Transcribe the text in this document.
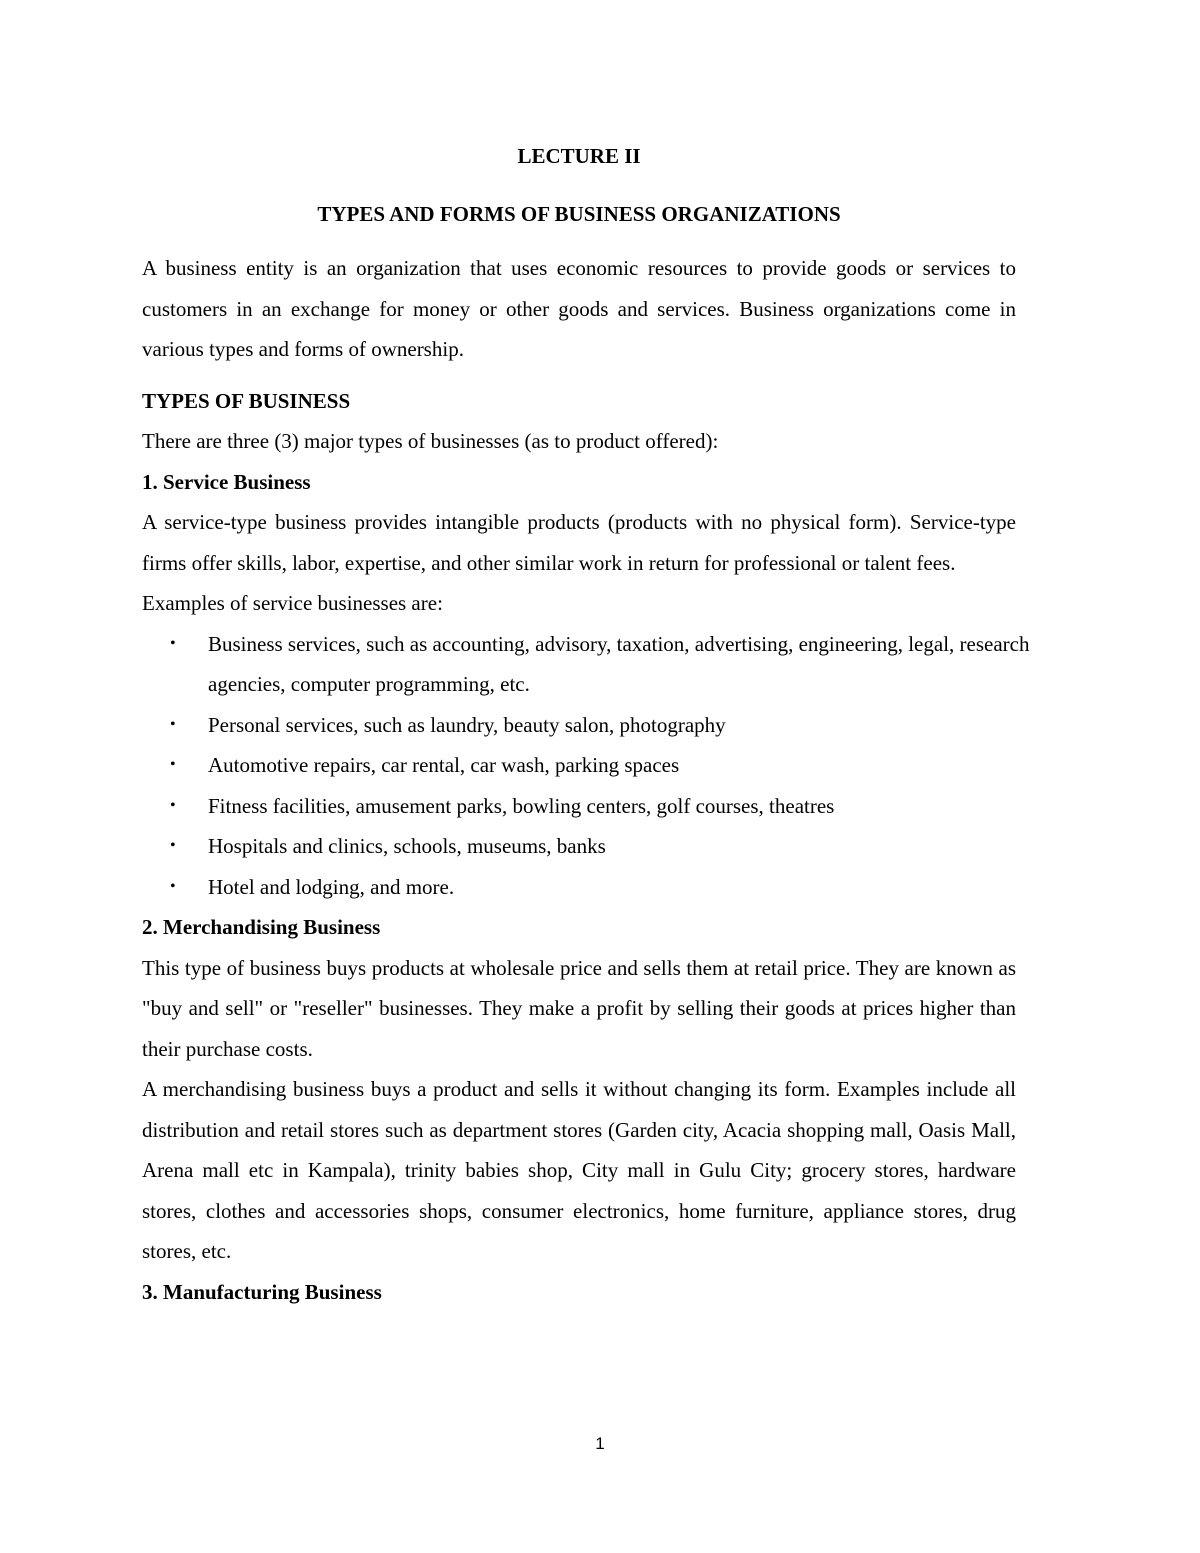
LECTURE II

TYPES AND FORMS OF BUSINESS ORGANIZATIONS

A business entity is an organization that uses economic resources to provide goods or services to customers in an exchange for money or other goods and services. Business organizations come in various types and forms of ownership.

TYPES OF BUSINESS

There are three (3) major types of businesses (as to product offered):

1. Service Business

A service-type business provides intangible products (products with no physical form). Service-type firms offer skills, labor, expertise, and other similar work in return for professional or talent fees.

Examples of service businesses are:

• Business services, such as accounting, advisory, taxation, advertising, engineering, legal, research agencies, computer programming, etc.
• Personal services, such as laundry, beauty salon, photography
• Automotive repairs, car rental, car wash, parking spaces
• Fitness facilities, amusement parks, bowling centers, golf courses, theatres
• Hospitals and clinics, schools, museums, banks
• Hotel and lodging, and more.

2. Merchandising Business

This type of business buys products at wholesale price and sells them at retail price. They are known as "buy and sell" or "reseller" businesses. They make a profit by selling their goods at prices higher than their purchase costs.

A merchandising business buys a product and sells it without changing its form. Examples include all distribution and retail stores such as department stores (Garden city, Acacia shopping mall, Oasis Mall, Arena mall etc in Kampala), trinity babies shop, City mall in Gulu City; grocery stores, hardware stores, clothes and accessories shops, consumer electronics, home furniture, appliance stores, drug stores, etc.

3. Manufacturing Business

1
